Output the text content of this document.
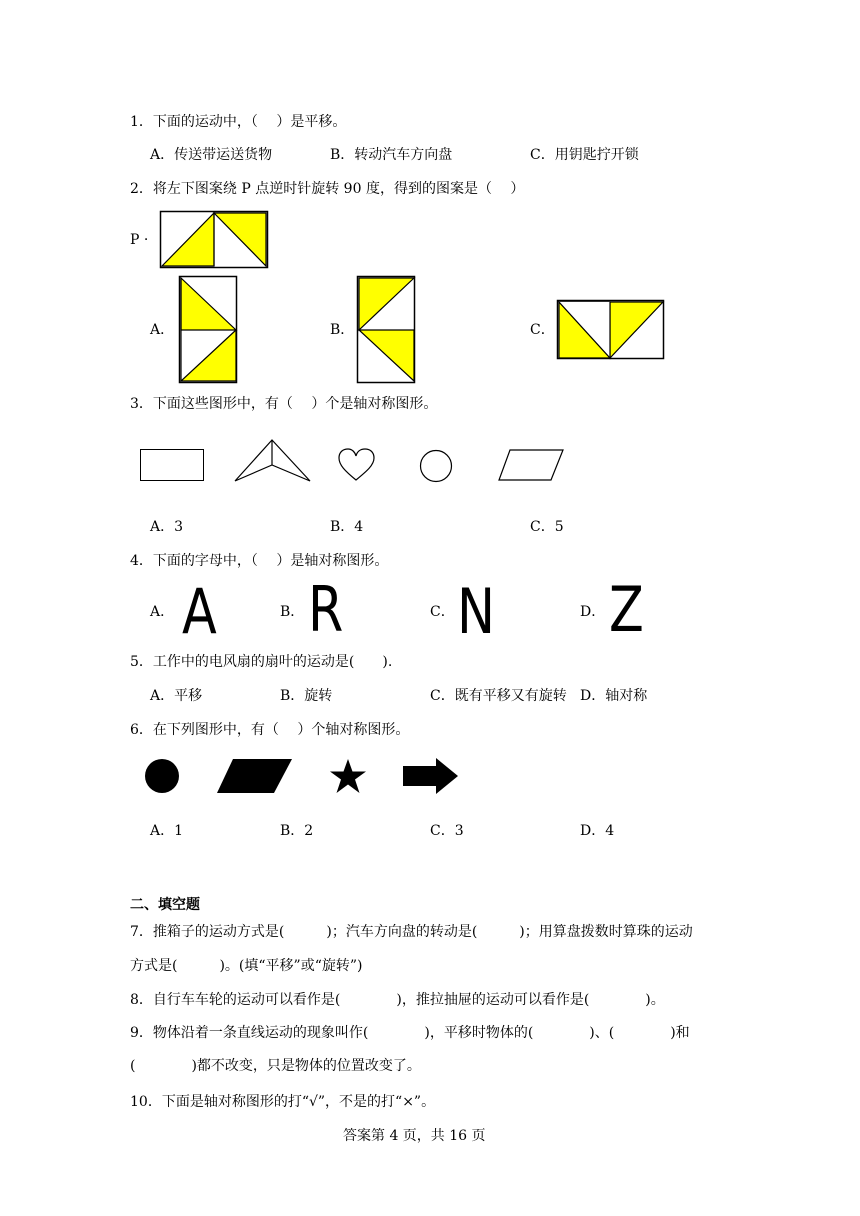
1．下面的运动中，（　 ）是平移。
A．传送带运送货物	B．转动汽车方向盘	C．用钥匙拧开锁
2．将左下图案绕 P 点逆时针旋转 90 度，得到的图案是（　 ）
P ·
A．	B．	C．
3．下面这些图形中，有（　 ）个是轴对称图形。
A．3	B．4	C．5
4．下面的字母中，（　 ）是轴对称图形。
A． A	B． R	C． N	D． Z
5．工作中的电风扇的扇叶的运动是(　　).
A．平移	B．旋转	C．既有平移又有旋转 D．轴对称
6．在下列图形中，有（　 ）个轴对称图形。
A．1	B．2	C．3	D．4
二、填空题
7．推箱子的运动方式是(　　　)；汽车方向盘的转动是(　　　)；用算盘拨数时算珠的运动
方式是(　　　)。(填“平移”或“旋转”)
8．自行车车轮的运动可以看作是(　　　　)，推拉抽屉的运动可以看作是(　　　　)。
9．物体沿着一条直线运动的现象叫作(　　　　)，平移时物体的(　　　　)、(　　　　)和
(　　　　)都不改变，只是物体的位置改变了。
10．下面是轴对称图形的打“√”，不是的打“×”。
答案第 4 页，共 16 页
